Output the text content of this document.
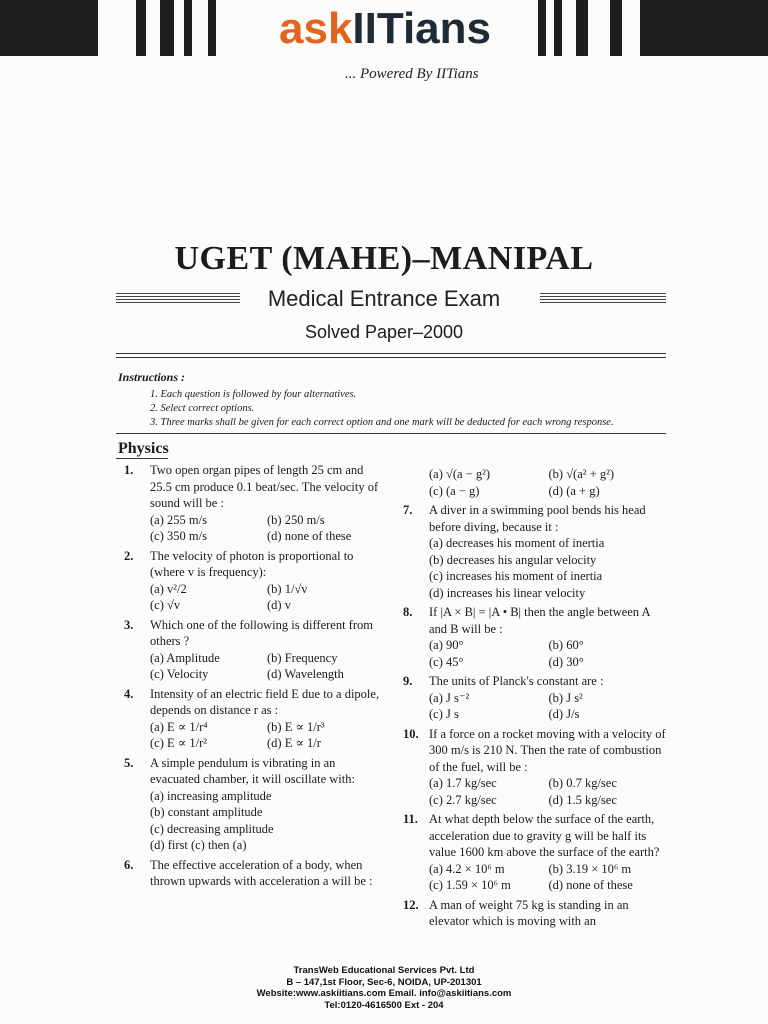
askIITians
... Powered By IITians
UGET (MAHE)–MANIPAL
Medical Entrance Exam
Solved Paper–2000
Instructions :
1. Each question is followed by four alternatives.
2. Select correct options.
3. Three marks shall be given for each correct option and one mark will be deducted for each wrong response.
Physics
1. Two open organ pipes of length 25 cm and 25.5 cm produce 0.1 beat/sec. The velocity of sound will be :
(a) 255 m/s	(b) 250 m/s
(c) 350 m/s	(d) none of these
2. The velocity of photon is proportional to (where v is frequency):
(a) v²/2	(b) 1/√v
(c) √v	(d) v
3. Which one of the following is different from others ?
(a) Amplitude	(b) Frequency
(c) Velocity	(d) Wavelength
4. Intensity of an electric field E due to a dipole, depends on distance r as :
(a) E ∝ 1/r⁴	(b) E ∝ 1/r³
(c) E ∝ 1/r²	(d) E ∝ 1/r
5. A simple pendulum is vibrating in an evacuated chamber, it will oscillate with:
(a) increasing amplitude
(b) constant amplitude
(c) decreasing amplitude
(d) first (c) then (a)
6. The effective acceleration of a body, when thrown upwards with acceleration a will be :
(a) √(a − g²)	(b) √(a² + g²)
(c) (a − g)	(d) (a + g)
7. A diver in a swimming pool bends his head before diving, because it :
(a) decreases his moment of inertia
(b) decreases his angular velocity
(c) increases his moment of inertia
(d) increases his linear velocity
8. If |A × B| = |A • B| then the angle between A and B will be :
(a) 90°	(b) 60°
(c) 45°	(d) 30°
9. The units of Planck's constant are :
(a) J s⁻²	(b) J s²
(c) J s	(d) J/s
10. If a force on a rocket moving with a velocity of 300 m/s is 210 N. Then the rate of combustion of the fuel, will be :
(a) 1.7 kg/sec	(b) 0.7 kg/sec
(c) 2.7 kg/sec	(d) 1.5 kg/sec
11. At what depth below the surface of the earth, acceleration due to gravity g will be half its value 1600 km above the surface of the earth?
(a) 4.2 × 10⁶ m	(b) 3.19 × 10⁶ m
(c) 1.59 × 10⁶ m	(d) none of these
12. A man of weight 75 kg is standing in an elevator which is moving with an
TransWeb Educational Services Pvt. Ltd
B – 147,1st Floor, Sec-6, NOIDA, UP-201301
Website:www.askiitians.com Email. info@askiitians.com
Tel:0120-4616500 Ext - 204
